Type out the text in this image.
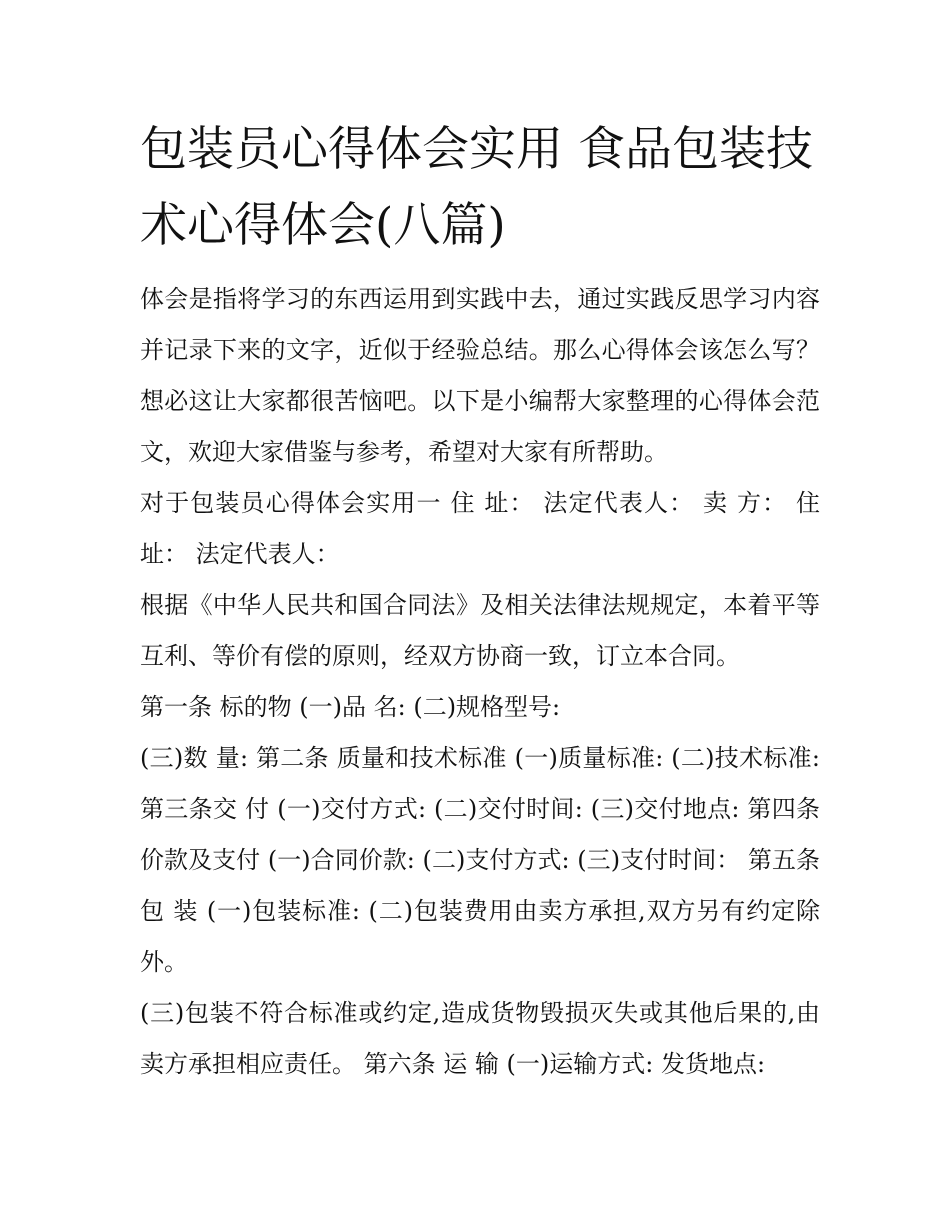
包装员心得体会实用 食品包装技术心得体会(八篇)

体会是指将学习的东西运用到实践中去，通过实践反思学习内容并记录下来的文字，近似于经验总结。那么心得体会该怎么写？想必这让大家都很苦恼吧。以下是小编帮大家整理的心得体会范文，欢迎大家借鉴与参考，希望对大家有所帮助。

对于包装员心得体会实用一 住 址： 法定代表人： 卖 方： 住址： 法定代表人：

根据《中华人民共和国合同法》及相关法律法规规定，本着平等互利、等价有偿的原则，经双方协商一致，订立本合同。

第一条 标的物 (一)品 名: (二)规格型号:

(三)数 量: 第二条 质量和技术标准 (一)质量标准: (二)技术标准: 第三条交 付 (一)交付方式: (二)交付时间: (三)交付地点: 第四条价款及支付 (一)合同价款: (二)支付方式: (三)支付时间： 第五条 包 装 (一)包装标准: (二)包装费用由卖方承担,双方另有约定除外。

(三)包装不符合标准或约定,造成货物毁损灭失或其他后果的,由卖方承担相应责任。 第六条 运 输 (一)运输方式: 发货地点:
